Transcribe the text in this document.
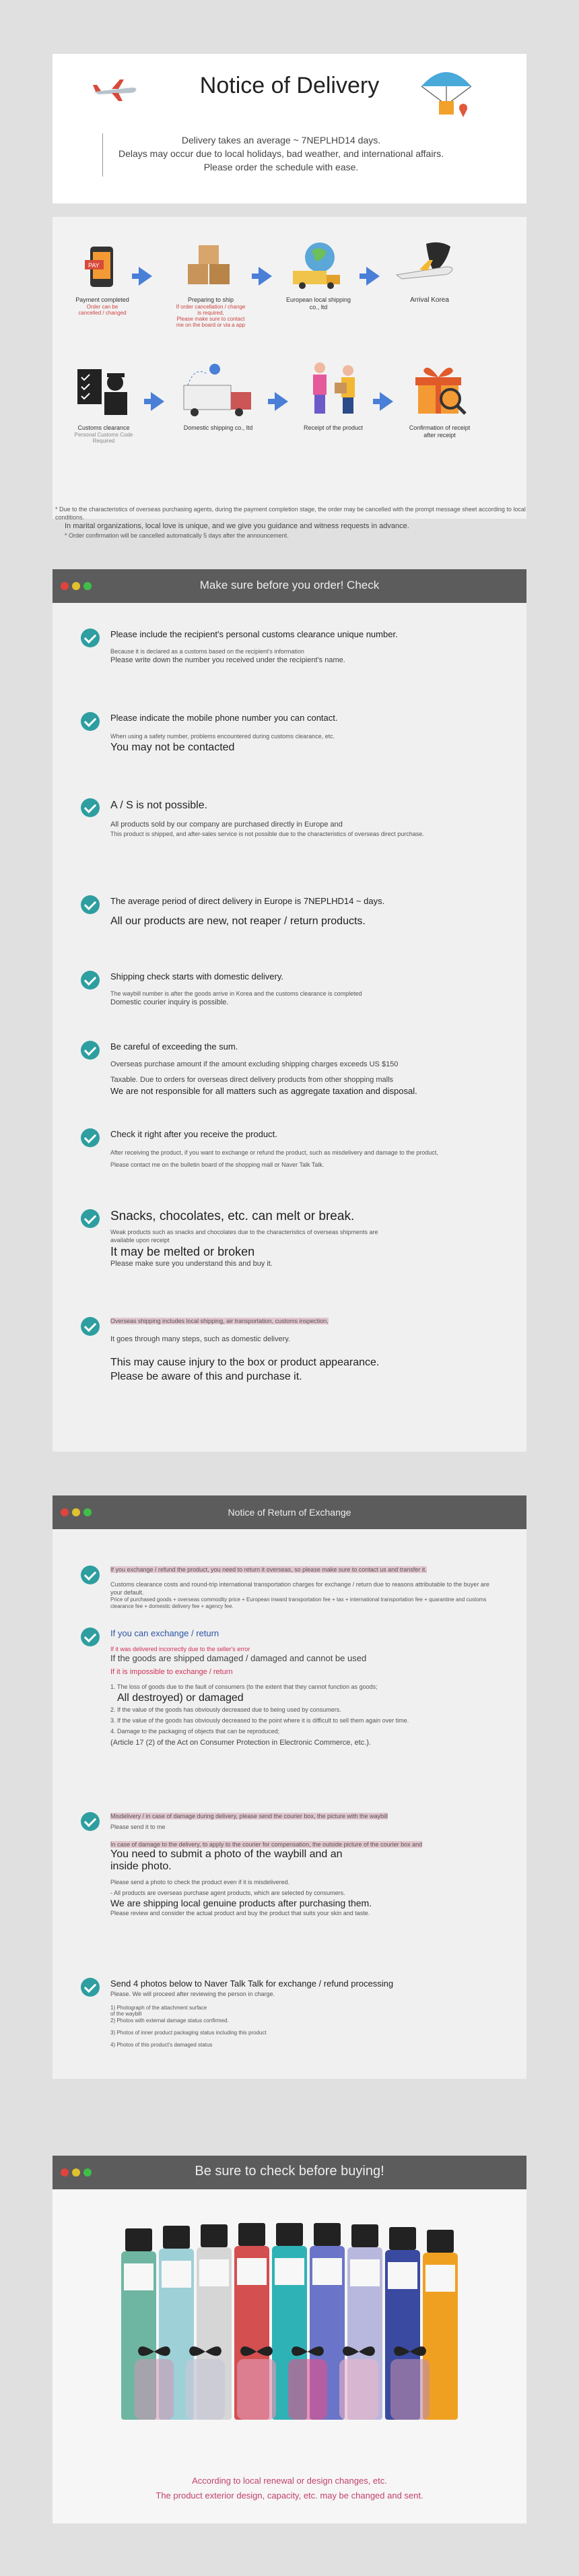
Notice of Delivery
Delivery takes an average ~ 7NEPLHD14 days.
Delays may occur due to local holidays, bad weather, and international affairs.
Please order the schedule with ease.
PAY
Payment completed
Order can be cancelled / changed
Preparing to ship
If order cancellation / change is required,
Please make sure to contact me on the board or via a app
European local shipping co., ltd
Arrival Korea
Customs clearance
Personal Customs Code Required
Domestic shipping co., ltd	Receipt of the product	Confirmation of receipt after receipt
* Due to the characteristics of overseas purchasing agents, during the payment completion stage, the order may be cancelled with the prompt message sheet according to local conditions.
In marital organizations, local love is unique, and we give you guidance and witness requests in advance.
* Order confirmation will be cancelled automatically 5 days after the announcement.
Make sure before you order! Check
Please include the recipient's personal customs clearance unique number.
Because it is declared as a customs based on the recipient's information
Please write down the number you received under the recipient's name.
Please indicate the mobile phone number you can contact.
When using a safety number, problems encountered during customs clearance, etc.
You may not be contacted
A / S is not possible.
All products sold by our company are purchased directly in Europe and
This product is shipped, and after-sales service is not possible due to the characteristics of overseas direct purchase.
The average period of direct delivery in Europe is 7NEPLHD14 ~ days.
All our products are new, not reaper / return products.
Shipping check starts with domestic delivery.
The waybill number is after the goods arrive in Korea and the customs clearance is completed
Domestic courier inquiry is possible.
Be careful of exceeding the sum.
Overseas purchase amount if the amount excluding shipping charges exceeds US $150
Taxable. Due to orders for overseas direct delivery products from other shopping malls
We are not responsible for all matters such as aggregate taxation and disposal.
Check it right after you receive the product.
After receiving the product, if you want to exchange or refund the product, such as misdelivery and damage to the product,
Please contact me on the bulletin board of the shopping mall or Naver Talk Talk.
Snacks, chocolates, etc. can melt or break.
Weak products such as snacks and chocolates due to the characteristics of overseas shipments are available upon receipt
It may be melted or broken
Please make sure you understand this and buy it.
Overseas shipping includes local shipping, air transportation, customs inspection,
It goes through many steps, such as domestic delivery.
This may cause injury to the box or product appearance.
Please be aware of this and purchase it.
Notice of Return of Exchange
If you exchange / refund the product, you need to return it overseas, so please make sure to contact us and transfer it.
Customs clearance costs and round-trip international transportation charges for exchange / return due to reasons attributable to the buyer are your default.
Price of purchased goods + overseas commodity price + European inward transportation fee + tax + international transportation fee + quarantine and customs clearance fee + domestic delivery fee + agency fee.
If you can exchange / return
If it was delivered incorrectly due to the seller's error
If the goods are shipped damaged / damaged and cannot be used
If it is impossible to exchange / return
1. The loss of goods due to the fault of consumers (to the extent that they cannot function as goods;
All destroyed) or damaged
2. If the value of the goods has obviously decreased due to being used by consumers.
3. If the value of the goods has obviously decreased to the point where it is difficult to sell them again over time.
4. Damage to the packaging of objects that can be reproduced;
(Article 17 (2) of the Act on Consumer Protection in Electronic Commerce, etc.).
Misdelivery / in case of damage during delivery, please send the courier box, the picture with the waybill
Please send it to me
In case of damage to the delivery, to apply to the courier for compensation, the outside picture of the courier box and
You need to submit a photo of the waybill and an inside photo.
Please send a photo to check the product even if it is misdelivered.
- All products are overseas purchase agent products, which are selected by consumers.
We are shipping local genuine products after purchasing them.
Please review and consider the actual product and buy the product that suits your skin and taste.
Send 4 photos below to Naver Talk Talk for exchange / refund processing
Please. We will proceed after reviewing the person in charge.
1) Photograph of the attachment surface of the waybill
2) Photos with external damage status confirmed.
3) Photos of inner product packaging status including this product
4) Photos of this product's damaged status
Be sure to check before buying!
According to local renewal or design changes, etc.
The product exterior design, capacity, etc. may be changed and sent.
